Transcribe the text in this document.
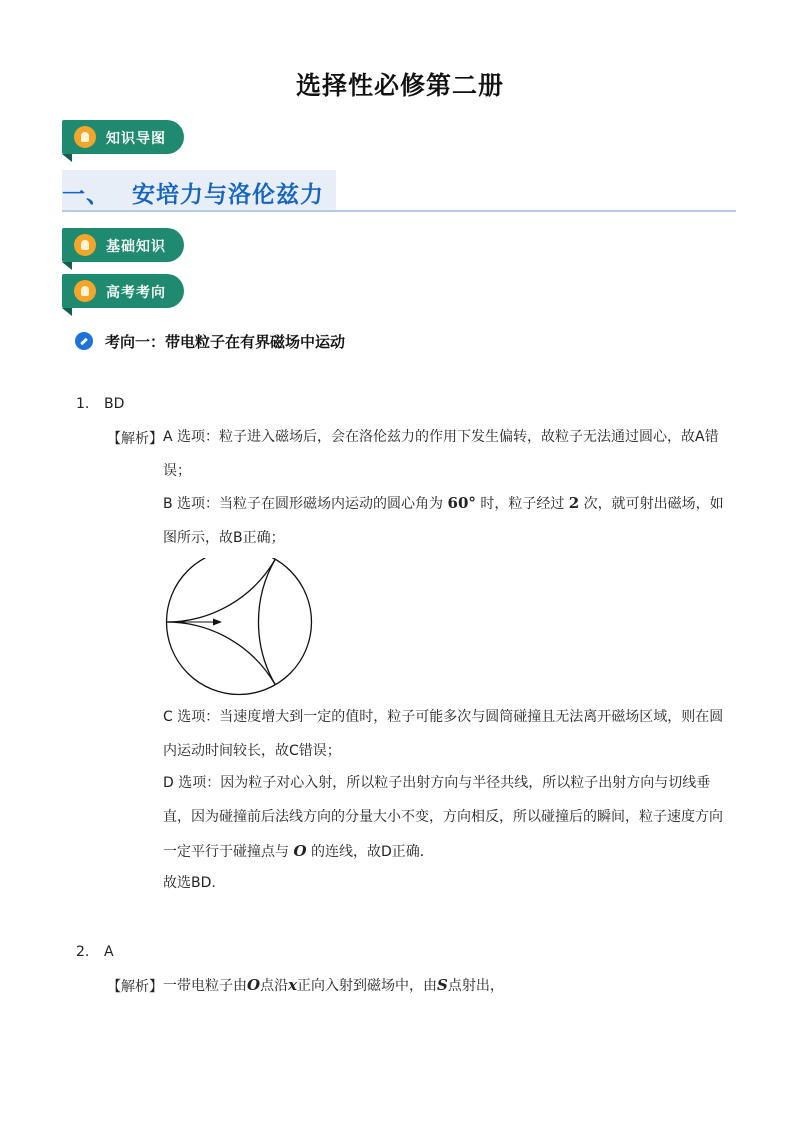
选择性必修第二册
知识导图
一、 安培力与洛伦兹力
基础知识
高考考向
考向一：带电粒子在有界磁场中运动
1. BD
【解析】 A 选项：粒子进入磁场后，会在洛伦兹力的作用下发生偏转，故粒子无法通过圆心，故A错误；
B 选项：当粒子在圆形磁场内运动的圆心角为 60° 时，粒子经过 2 次，就可射出磁场，如图所示，故B正确；
C 选项：当速度增大到一定的值时，粒子可能多次与圆筒碰撞且无法离开磁场区域，则在圆内运动时间较长，故C错误；
D 选项：因为粒子对心入射，所以粒子出射方向与半径共线，所以粒子出射方向与切线垂直，因为碰撞前后法线方向的分量大小不变，方向相反，所以碰撞后的瞬间，粒子速度方向一定平行于碰撞点与 O 的连线，故D正确．
故选BD.
2. A
【解析】 一带电粒子由O点沿x正向入射到磁场中，由S点射出，
